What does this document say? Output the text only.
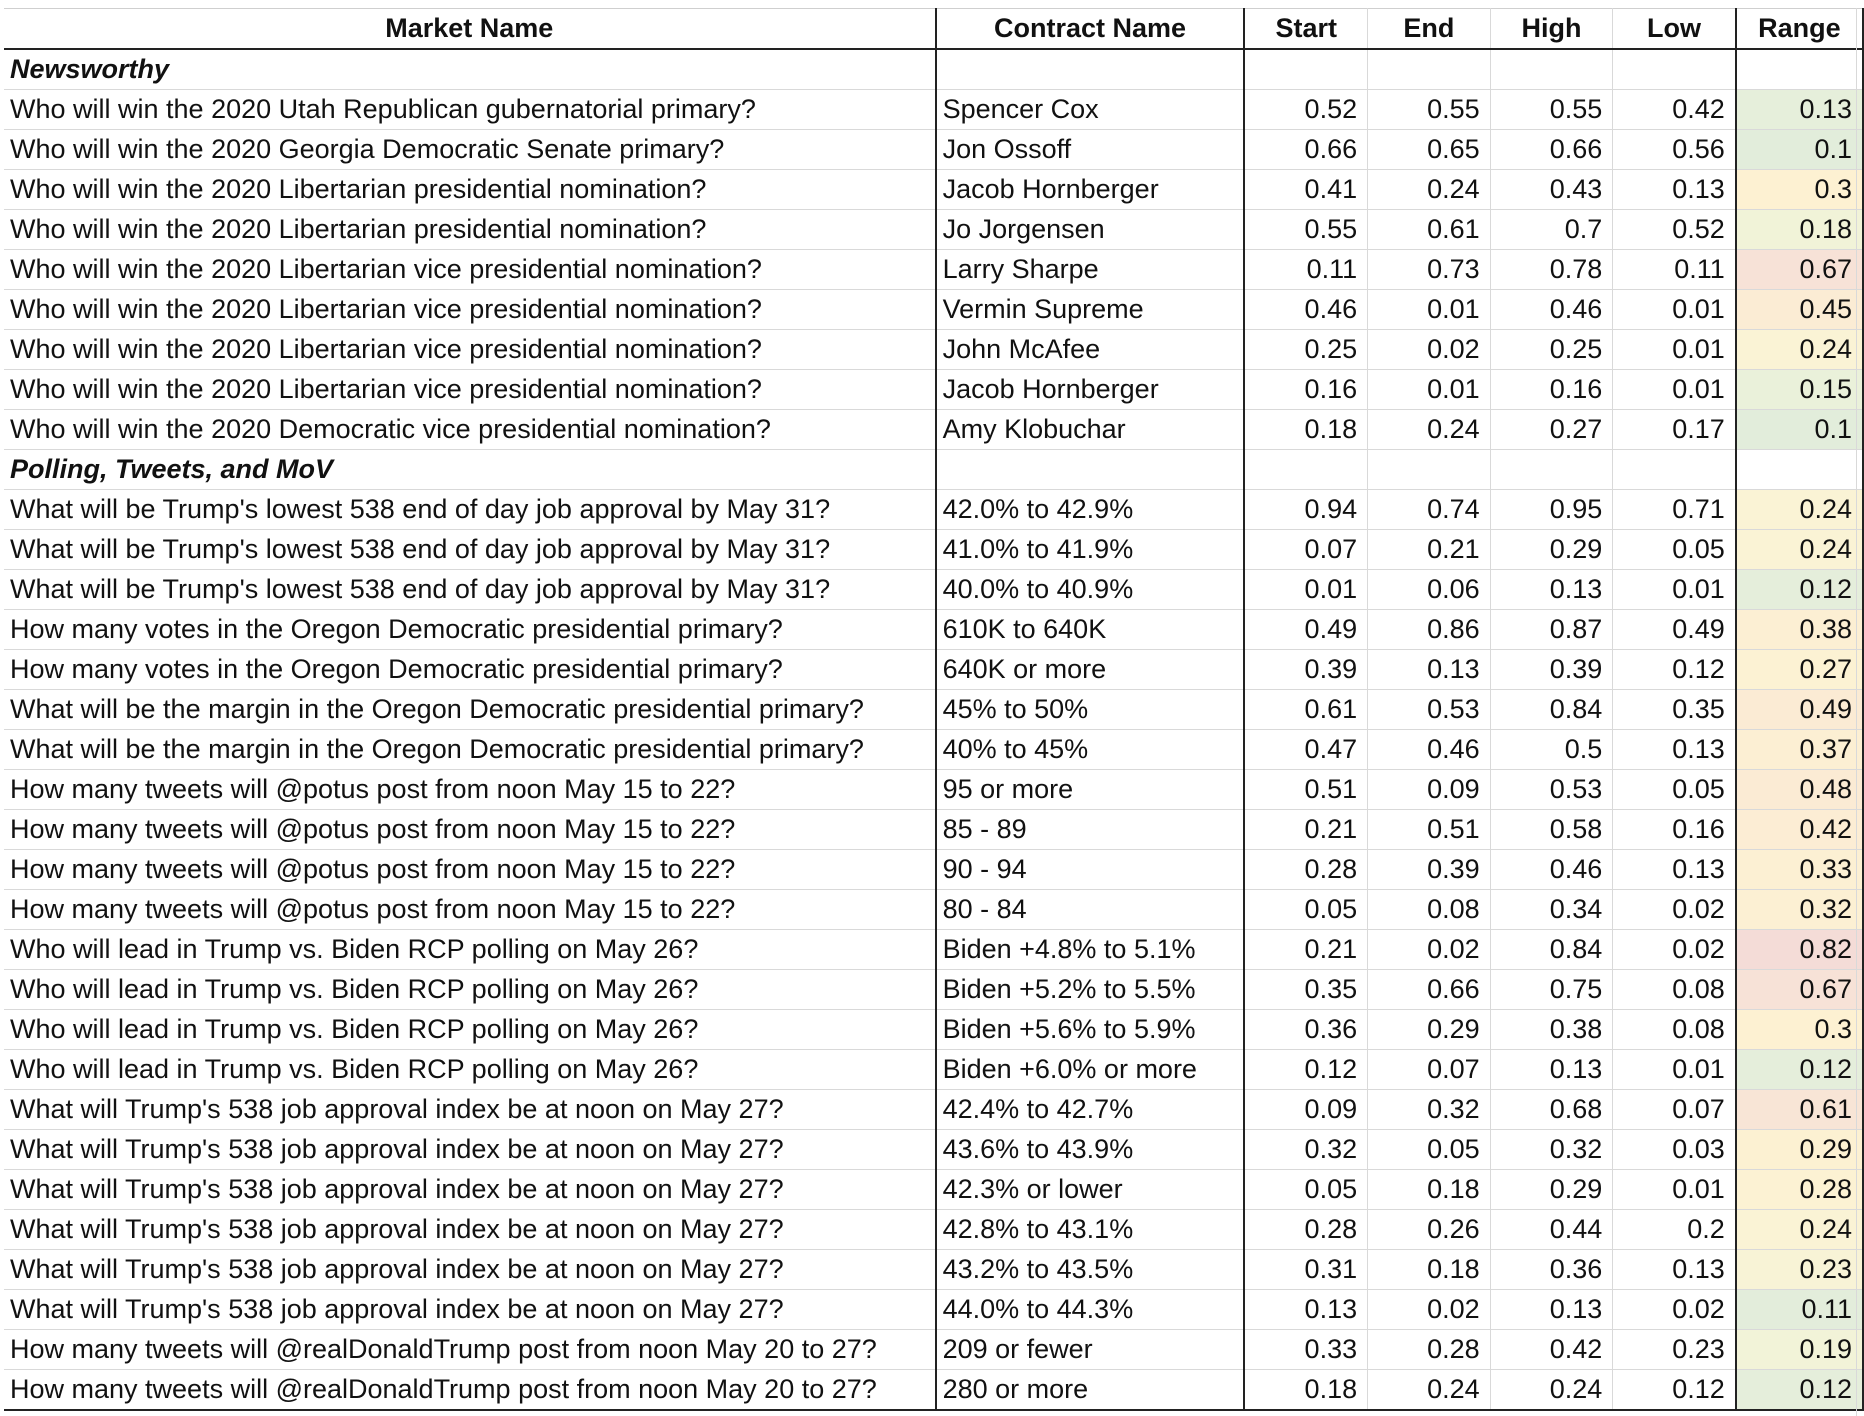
Market Name	Contract Name	Start	End	High	Low	Range
Newsworthy						
Who will win the 2020 Utah Republican gubernatorial primary?	Spencer Cox	0.52	0.55	0.55	0.42	0.13
Who will win the 2020 Georgia Democratic Senate primary?	Jon Ossoff	0.66	0.65	0.66	0.56	0.1
Who will win the 2020 Libertarian presidential nomination?	Jacob Hornberger	0.41	0.24	0.43	0.13	0.3
Who will win the 2020 Libertarian presidential nomination?	Jo Jorgensen	0.55	0.61	0.7	0.52	0.18
Who will win the 2020 Libertarian vice presidential nomination?	Larry Sharpe	0.11	0.73	0.78	0.11	0.67
Who will win the 2020 Libertarian vice presidential nomination?	Vermin Supreme	0.46	0.01	0.46	0.01	0.45
Who will win the 2020 Libertarian vice presidential nomination?	John McAfee	0.25	0.02	0.25	0.01	0.24
Who will win the 2020 Libertarian vice presidential nomination?	Jacob Hornberger	0.16	0.01	0.16	0.01	0.15
Who will win the 2020 Democratic vice presidential nomination?	Amy Klobuchar	0.18	0.24	0.27	0.17	0.1
Polling, Tweets, and MoV						
What will be Trump's lowest 538 end of day job approval by May 31?	42.0% to 42.9%	0.94	0.74	0.95	0.71	0.24
What will be Trump's lowest 538 end of day job approval by May 31?	41.0% to 41.9%	0.07	0.21	0.29	0.05	0.24
What will be Trump's lowest 538 end of day job approval by May 31?	40.0% to 40.9%	0.01	0.06	0.13	0.01	0.12
How many votes in the Oregon Democratic presidential primary?	610K to 640K	0.49	0.86	0.87	0.49	0.38
How many votes in the Oregon Democratic presidential primary?	640K or more	0.39	0.13	0.39	0.12	0.27
What will be the margin in the Oregon Democratic presidential primary?	45% to 50%	0.61	0.53	0.84	0.35	0.49
What will be the margin in the Oregon Democratic presidential primary?	40% to 45%	0.47	0.46	0.5	0.13	0.37
How many tweets will @potus post from noon May 15 to 22?	95 or more	0.51	0.09	0.53	0.05	0.48
How many tweets will @potus post from noon May 15 to 22?	85 - 89	0.21	0.51	0.58	0.16	0.42
How many tweets will @potus post from noon May 15 to 22?	90 - 94	0.28	0.39	0.46	0.13	0.33
How many tweets will @potus post from noon May 15 to 22?	80 - 84	0.05	0.08	0.34	0.02	0.32
Who will lead in Trump vs. Biden RCP polling on May 26?	Biden +4.8% to 5.1%	0.21	0.02	0.84	0.02	0.82
Who will lead in Trump vs. Biden RCP polling on May 26?	Biden +5.2% to 5.5%	0.35	0.66	0.75	0.08	0.67
Who will lead in Trump vs. Biden RCP polling on May 26?	Biden +5.6% to 5.9%	0.36	0.29	0.38	0.08	0.3
Who will lead in Trump vs. Biden RCP polling on May 26?	Biden +6.0% or more	0.12	0.07	0.13	0.01	0.12
What will Trump's 538 job approval index be at noon on May 27?	42.4% to 42.7%	0.09	0.32	0.68	0.07	0.61
What will Trump's 538 job approval index be at noon on May 27?	43.6% to 43.9%	0.32	0.05	0.32	0.03	0.29
What will Trump's 538 job approval index be at noon on May 27?	42.3% or lower	0.05	0.18	0.29	0.01	0.28
What will Trump's 538 job approval index be at noon on May 27?	42.8% to 43.1%	0.28	0.26	0.44	0.2	0.24
What will Trump's 538 job approval index be at noon on May 27?	43.2% to 43.5%	0.31	0.18	0.36	0.13	0.23
What will Trump's 538 job approval index be at noon on May 27?	44.0% to 44.3%	0.13	0.02	0.13	0.02	0.11
How many tweets will @realDonaldTrump post from noon May 20 to 27?	209 or fewer	0.33	0.28	0.42	0.23	0.19
How many tweets will @realDonaldTrump post from noon May 20 to 27?	280 or more	0.18	0.24	0.24	0.12	0.12
